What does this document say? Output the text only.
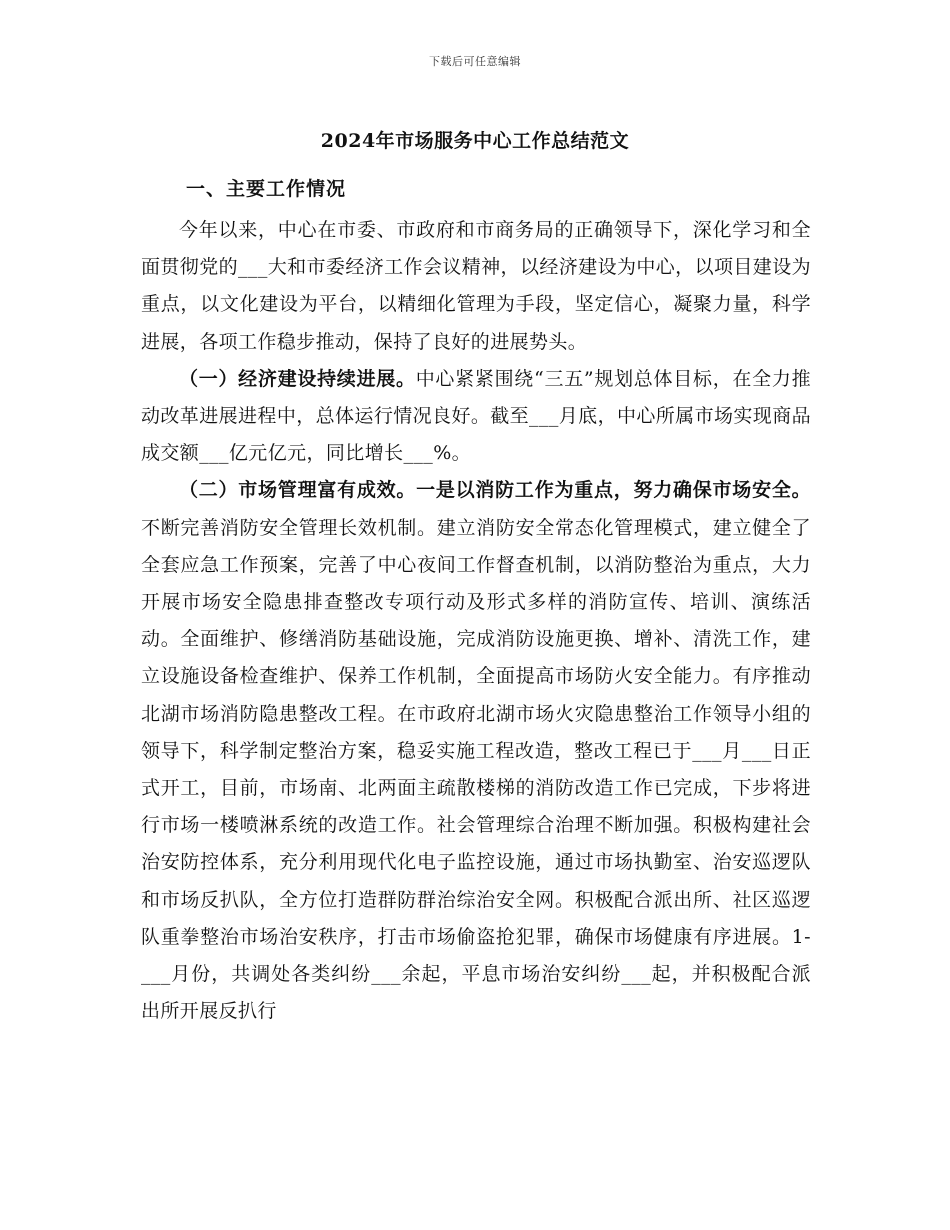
下载后可任意编辑
2024年市场服务中心工作总结范文
一、主要工作情况

今年以来，中心在市委、市政府和市商务局的正确领导下，深化学习和全面贯彻党的___大和市委经济工作会议精神，以经济建设为中心，以项目建设为重点，以文化建设为平台，以精细化管理为手段，坚定信心，凝聚力量，科学进展，各项工作稳步推动，保持了良好的进展势头。

（一）经济建设持续进展。中心紧紧围绕“三五”规划总体目标，在全力推动改革进展进程中，总体运行情况良好。截至___月底，中心所属市场实现商品成交额___亿元亿元，同比增长___%。

（二）市场管理富有成效。一是以消防工作为重点，努力确保市场安全。不断完善消防安全管理长效机制。建立消防安全常态化管理模式，建立健全了全套应急工作预案，完善了中心夜间工作督查机制，以消防整治为重点，大力开展市场安全隐患排查整改专项行动及形式多样的消防宣传、培训、演练活动。全面维护、修缮消防基础设施，完成消防设施更换、增补、清洗工作，建立设施设备检查维护、保养工作机制，全面提高市场防火安全能力。有序推动北湖市场消防隐患整改工程。在市政府北湖市场火灾隐患整治工作领导小组的领导下，科学制定整治方案，稳妥实施工程改造，整改工程已于___月___日正式开工，目前，市场南、北两面主疏散楼梯的消防改造工作已完成，下步将进行市场一楼喷淋系统的改造工作。社会管理综合治理不断加强。积极构建社会治安防控体系，充分利用现代化电子监控设施，通过市场执勤室、治安巡逻队和市场反扒队，全方位打造群防群治综治安全网。积极配合派出所、社区巡逻队重拳整治市场治安秩序，打击市场偷盗抢犯罪，确保市场健康有序进展。1-___月份，共调处各类纠纷___余起，平息市场治安纠纷___起，并积极配合派出所开展反扒行
